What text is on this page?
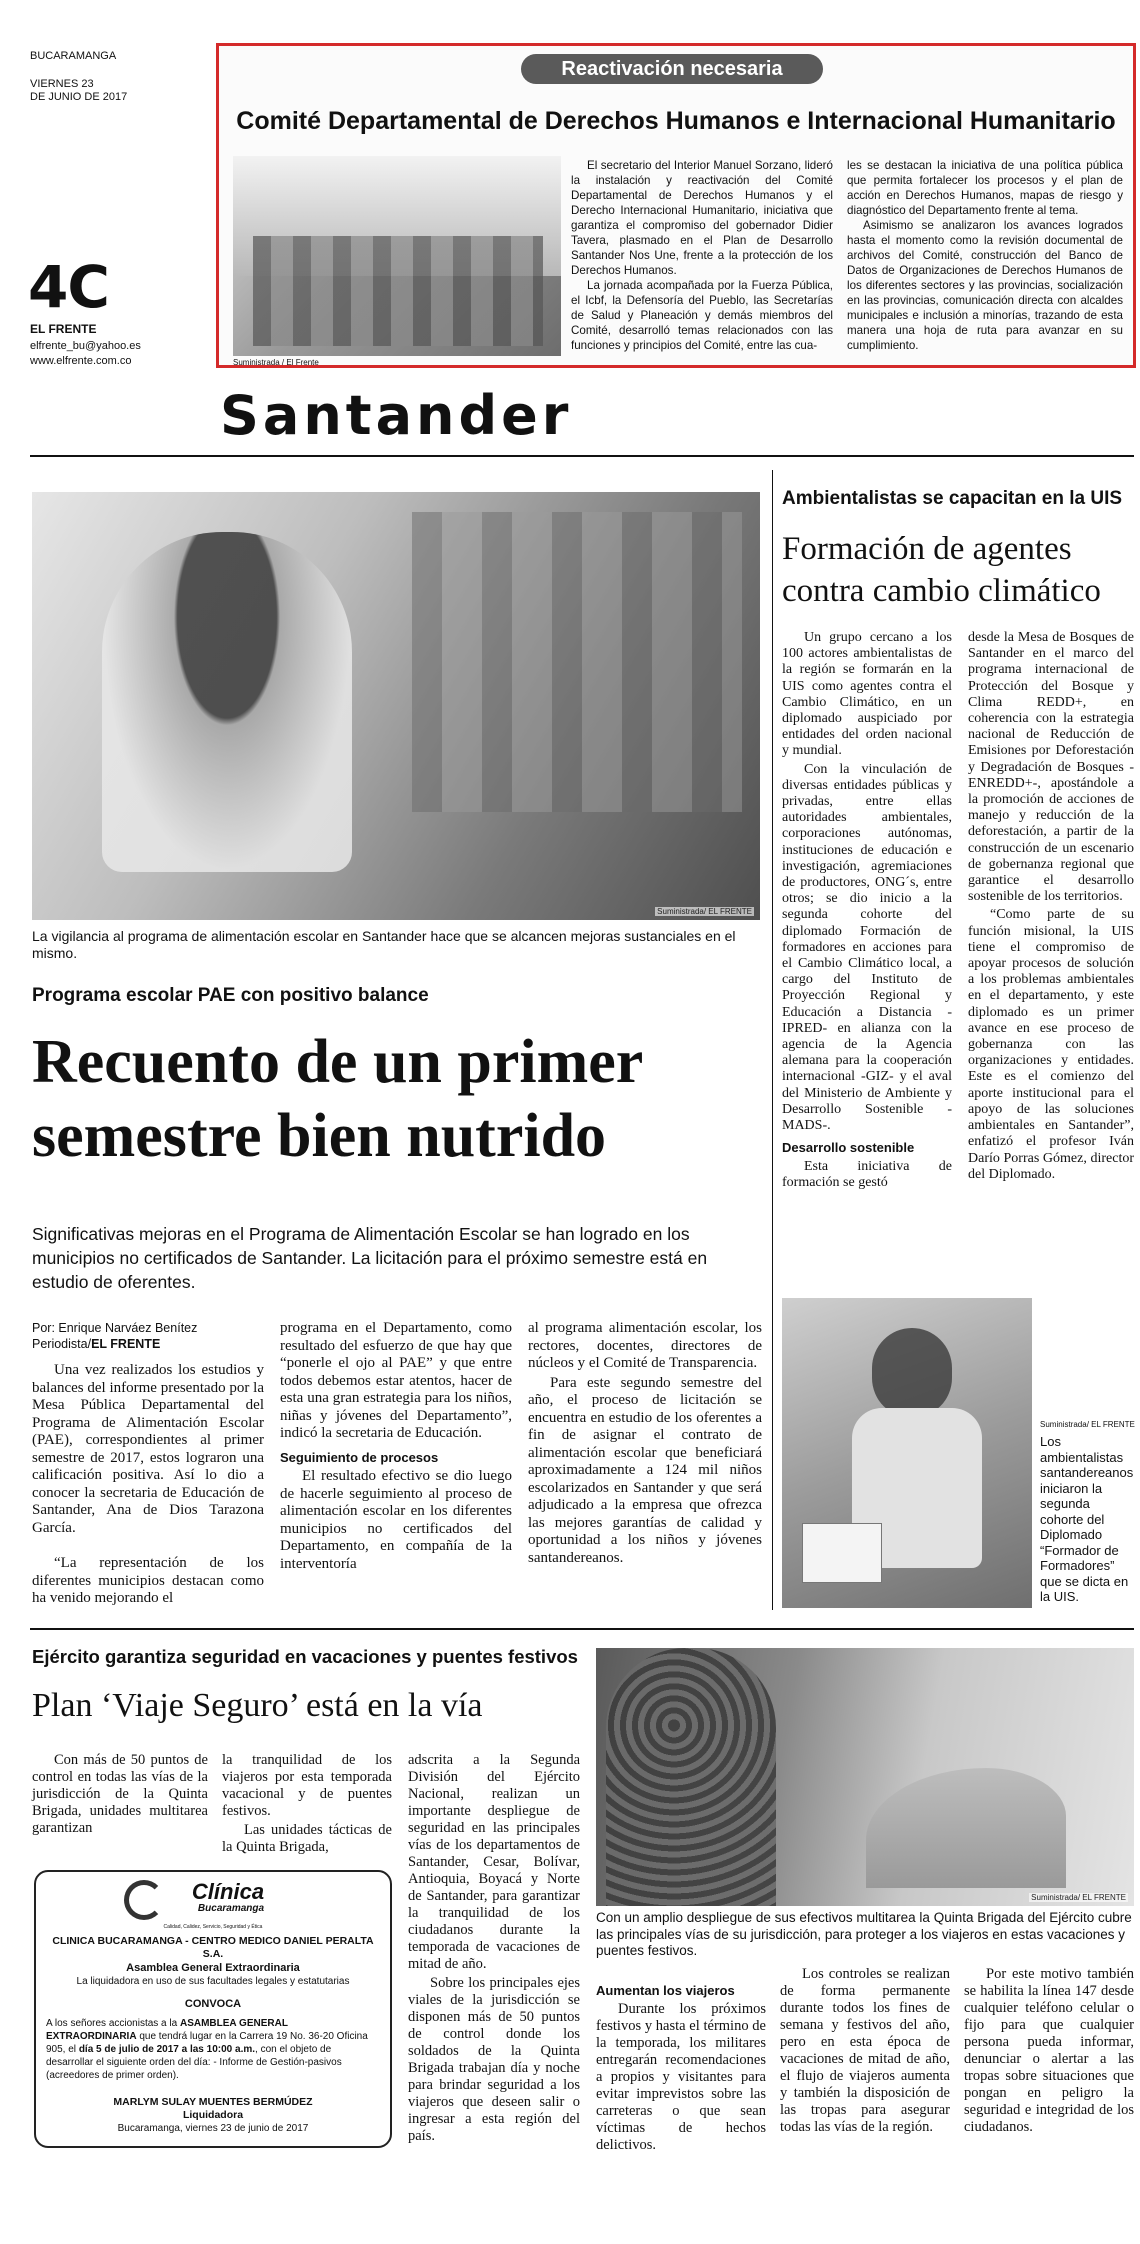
BUCARAMANGA
VIERNES 23
DE JUNIO DE 2017
4C
EL FRENTE
elfrente_bu@yahoo.es
www.elfrente.com.co
Reactivación necesaria
Comité Departamental de Derechos Humanos e Internacional Humanitario
Suministrada / El Frente

El secretario del Interior Manuel Sorzano, lideró la instalación y reactivación del Comité Departamental de Derechos Humanos y el Derecho Internacional Humanitario, iniciativa que garantiza el compromiso del gobernador Didier Tavera, plasmado en el Plan de Desarrollo Santander Nos Une, frente a la protección de los Derechos Humanos.

La jornada acompañada por la Fuerza Pública, el Icbf, la Defensoría del Pueblo, las Secretarías de Salud y Planeación y demás miembros del Comité, desarrolló temas relacionados con las funciones y principios del Comité, entre las cua-

les se destacan la iniciativa de una política pública que permita fortalecer los procesos y el plan de acción en Derechos Humanos, mapas de riesgo y diagnóstico del Departamento frente al tema.

Asimismo se analizaron los avances logrados hasta el momento como la revisión documental de archivos del Comité, construcción del Banco de Datos de Organizaciones de Derechos Humanos de los diferentes sectores y las provincias, socialización en las provincias, comunicación directa con alcaldes municipales e inclusión a minorías, trazando de esta manera una hoja de ruta para avanzar en su cumplimiento.

Santander
Suministrada/ EL FRENTE
La vigilancia al programa de alimentación escolar en Santander hace que se alcancen mejoras sustanciales en el mismo.
Programa escolar PAE con positivo balance
Recuento de un primer semestre bien nutrido
Significativas mejoras en el Programa de Alimentación Escolar se han logrado en los municipios no certificados de Santander. La licitación para el próximo semestre está en estudio de oferentes.
Por: Enrique Narváez Benítez
Periodista/EL FRENTE

Una vez realizados los estudios y balances del informe presentado por la Mesa Pública Departamental del Programa de Alimentación Escolar (PAE), correspondientes al primer semestre de 2017, estos lograron una calificación positiva. Así lo dio a conocer la secretaria de Educación de Santander, Ana de Dios Tarazona García.

“La representación de los diferentes municipios destacan como ha venido mejorando el

programa en el Departamento, como resultado del esfuerzo de que hay que “ponerle el ojo al PAE” y que entre todos debemos estar atentos, hacer de esta una gran estrategia para los niños, niñas y jóvenes del Departamento”, indicó la secretaria de Educación.

Seguimiento de procesos

El resultado efectivo se dio luego de hacerle seguimiento al proceso de alimentación escolar en los diferentes municipios no certificados del Departamento, en compañía de la interventoría

al programa alimentación escolar, los rectores, docentes, directores de núcleos y el Comité de Transparencia.

Para este segundo semestre del año, el proceso de licitación se encuentra en estudio de los oferentes a fin de asignar el contrato de alimentación escolar que beneficiará aproximadamente a 124 mil niños escolarizados en Santander y que será adjudicado a la empresa que ofrezca las mejores garantías de calidad y oportunidad a los niños y jóvenes santandereanos.

Ambientalistas se capacitan en la UIS
Formación de agentes contra cambio climático

Un grupo cercano a los 100 actores ambientalistas de la región se formarán en la UIS como agentes contra el Cambio Climático, en un diplomado auspiciado por entidades del orden nacional y mundial.

Con la vinculación de diversas entidades públicas y privadas, entre ellas autoridades ambientales, corporaciones autónomas, instituciones de educación e investigación, agremiaciones de productores, ONG´s, entre otros; se dio inicio a la segunda cohorte del diplomado Formación de formadores en acciones para el Cambio Climático local, a cargo del Instituto de Proyección Regional y Educación a Distancia -IPRED- en alianza con la agencia de la Agencia alemana para la cooperación internacional -GIZ- y el aval del Ministerio de Ambiente y Desarrollo Sostenible -MADS-.

Desarrollo sostenible

Esta iniciativa de formación se gestó

desde la Mesa de Bosques de Santander en el marco del programa internacional de Protección del Bosque y Clima REDD+, en coherencia con la estrategia nacional de Reducción de Emisiones por Deforestación y Degradación de Bosques -ENREDD+-, apostándole a la promoción de acciones de manejo y reducción de la deforestación, a partir de la construcción de un escenario de gobernanza regional que garantice el desarrollo sostenible de los territorios.

“Como parte de su función misional, la UIS tiene el compromiso de apoyar procesos de solución a los problemas ambientales en el departamento, y este diplomado es un primer avance en ese proceso de gobernanza con las organizaciones y entidades. Este es el comienzo del aporte institucional para el apoyo de las soluciones ambientales en Santander”, enfatizó el profesor Iván Darío Porras Gómez, director del Diplomado.

Suministrada/ EL FRENTE
Los ambientalistas santandereanos iniciaron la segunda cohorte del Diplomado “Formador de Formadores” que se dicta en la UIS.
Ejército garantiza seguridad en vacaciones y puentes festivos
Plan ‘Viaje Seguro’ está en la vía

Con más de 50 puntos de control en todas las vías de la jurisdicción de la Quinta Brigada, unidades multitarea garantizan

la tranquilidad de los viajeros por esta temporada vacacional y de puentes festivos.

Las unidades tácticas de la Quinta Brigada,

adscrita a la Segunda División del Ejército Nacional, realizan un importante despliegue de seguridad en las principales vías de los departamentos de Santander, Cesar, Bolívar, Antioquia, Boyacá y Norte de Santander, para garantizar la tranquilidad de los ciudadanos durante la temporada de vacaciones de mitad de año.

Sobre los principales ejes viales de la jurisdicción se disponen más de 50 puntos de control donde los soldados de la Quinta Brigada trabajan día y noche para brindar seguridad a los viajeros que deseen salir o ingresar a esta región del país.

Clínica
Bucaramanga
Calidad, Calidez, Servicio, Seguridad y Ética
CLINICA BUCARAMANGA - CENTRO MEDICO DANIEL PERALTA S.A.
Asamblea General Extraordinaria
La liquidadora en uso de sus facultades legales y estatutarias
CONVOCA
A los señores accionistas a la ASAMBLEA GENERAL EXTRAORDINARIA que tendrá lugar en la Carrera 19 No. 36-20 Oficina 905, el día 5 de julio de 2017 a las 10:00 a.m., con el objeto de desarrollar el siguiente orden del día: - Informe de Gestión-pasivos (acreedores de primer orden).
MARLYM SULAY MUENTES BERMÚDEZ
Liquidadora
Bucaramanga, viernes 23 de junio de 2017
Suministrada/ EL FRENTE
Con un amplio despliegue de sus efectivos multitarea la Quinta Brigada del Ejército cubre las principales vías de su jurisdicción, para proteger a los viajeros en estas vacaciones y puentes festivos.
Aumentan los viajeros

Durante los próximos festivos y hasta el término de la temporada, los militares entregarán recomendaciones a propios y visitantes para evitar imprevistos sobre las carreteras o que sean víctimas de hechos delictivos.

Los controles se realizan de forma permanente durante todos los fines de semana y festivos del año, pero en esta época de vacaciones de mitad de año, el flujo de viajeros aumenta y también la disposición de las tropas para asegurar todas las vías de la región.

Por este motivo también se habilita la línea 147 desde cualquier teléfono celular o fijo para que cualquier persona pueda informar, denunciar o alertar a las tropas sobre situaciones que pongan en peligro la seguridad e integridad de los ciudadanos.
